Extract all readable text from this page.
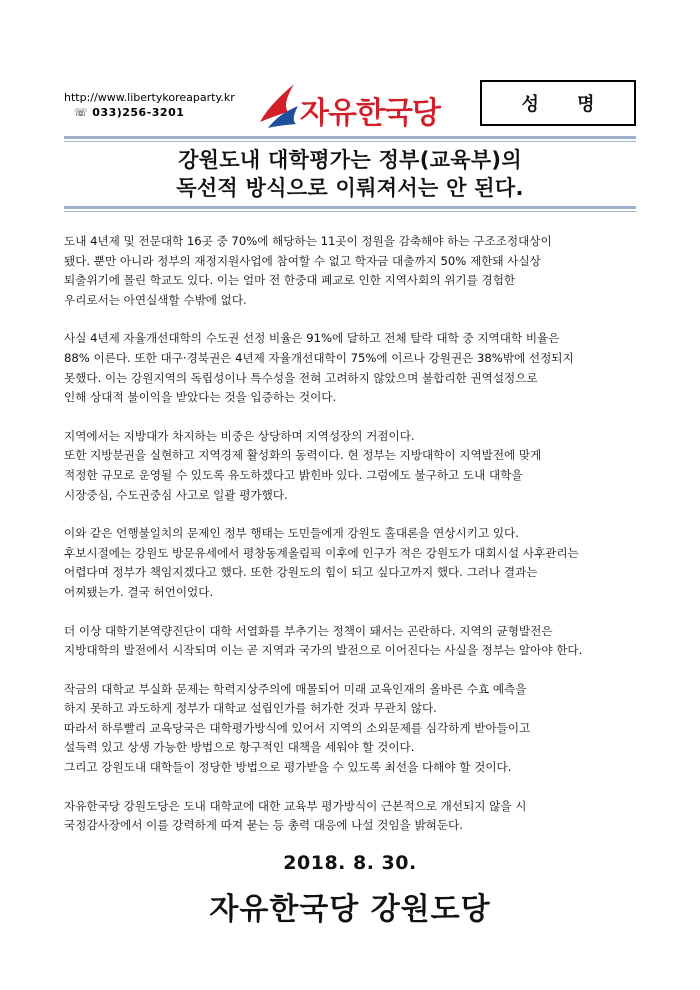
http://www.libertykoreaparty.kr
☏ 033)256-3201	자유한국당	성 명
강원도내 대학평가는 정부(교육부)의
독선적 방식으로 이뤄져서는 안 된다.
도내 4년제 및 전문대학 16곳 중 70%에 해당하는 11곳이 정원을 감축해야 하는 구조조정대상이
됐다. 뿐만 아니라 정부의 재정지원사업에 참여할 수 없고 학자금 대출까지 50% 제한돼 사실상
퇴출위기에 몰린 학교도 있다. 이는 얼마 전 한중대 폐교로 인한 지역사회의 위기를 경험한
우리로서는 아연실색할 수밖에 없다.
사실 4년제 자율개선대학의 수도권 선정 비율은 91%에 달하고 전체 탈락 대학 중 지역대학 비율은
88% 이른다. 또한 대구·경북권은 4년제 자율개선대학이 75%에 이르나 강원권은 38%밖에 선정되지
못했다. 이는 강원지역의 독립성이나 특수성을 전혀 고려하지 않았으며 불합리한 권역설정으로
인해 상대적 불이익을 받았다는 것을 입증하는 것이다.
지역에서는 지방대가 차지하는 비중은 상당하며 지역성장의 거점이다.
또한 지방분권을 실현하고 지역경제 활성화의 동력이다. 현 정부는 지방대학이 지역발전에 맞게
적정한 규모로 운영될 수 있도록 유도하겠다고 밝힌바 있다. 그럼에도 불구하고 도내 대학을
시장중심, 수도권중심 사고로 일괄 평가했다.
이와 같은 언행불일치의 문제인 정부 행태는 도민들에게 강원도 홀대론을 연상시키고 있다.
후보시절에는 강원도 방문유세에서 평창동계올림픽 이후에 인구가 적은 강원도가 대회시설 사후관리는
어렵다며 정부가 책임지겠다고 했다. 또한 강원도의 힘이 되고 싶다고까지 했다. 그러나 결과는
어찌됐는가. 결국 허언이었다.
더 이상 대학기본역량진단이 대학 서열화를 부추기는 정책이 돼서는 곤란하다. 지역의 균형발전은
지방대학의 발전에서 시작되며 이는 곧 지역과 국가의 발전으로 이어진다는 사실을 정부는 알아야 한다.
작금의 대학교 부실화 문제는 학력지상주의에 매몰되어 미래 교육인재의 올바른 수효 예측을
하지 못하고 과도하게 정부가 대학교 설립인가를 허가한 것과 무관치 않다.
따라서 하루빨리 교육당국은 대학평가방식에 있어서 지역의 소외문제를 심각하게 받아들이고
설득력 있고 상생 가능한 방법으로 항구적인 대책을 세워야 할 것이다.
그리고 강원도내 대학들이 정당한 방법으로 평가받을 수 있도록 최선을 다해야 할 것이다.
자유한국당 강원도당은 도내 대학교에 대한 교육부 평가방식이 근본적으로 개선되지 않을 시
국정감사장에서 이를 강력하게 따져 묻는 등 총력 대응에 나설 것임을 밝혀둔다.
2018. 8. 30.
자유한국당 강원도당
